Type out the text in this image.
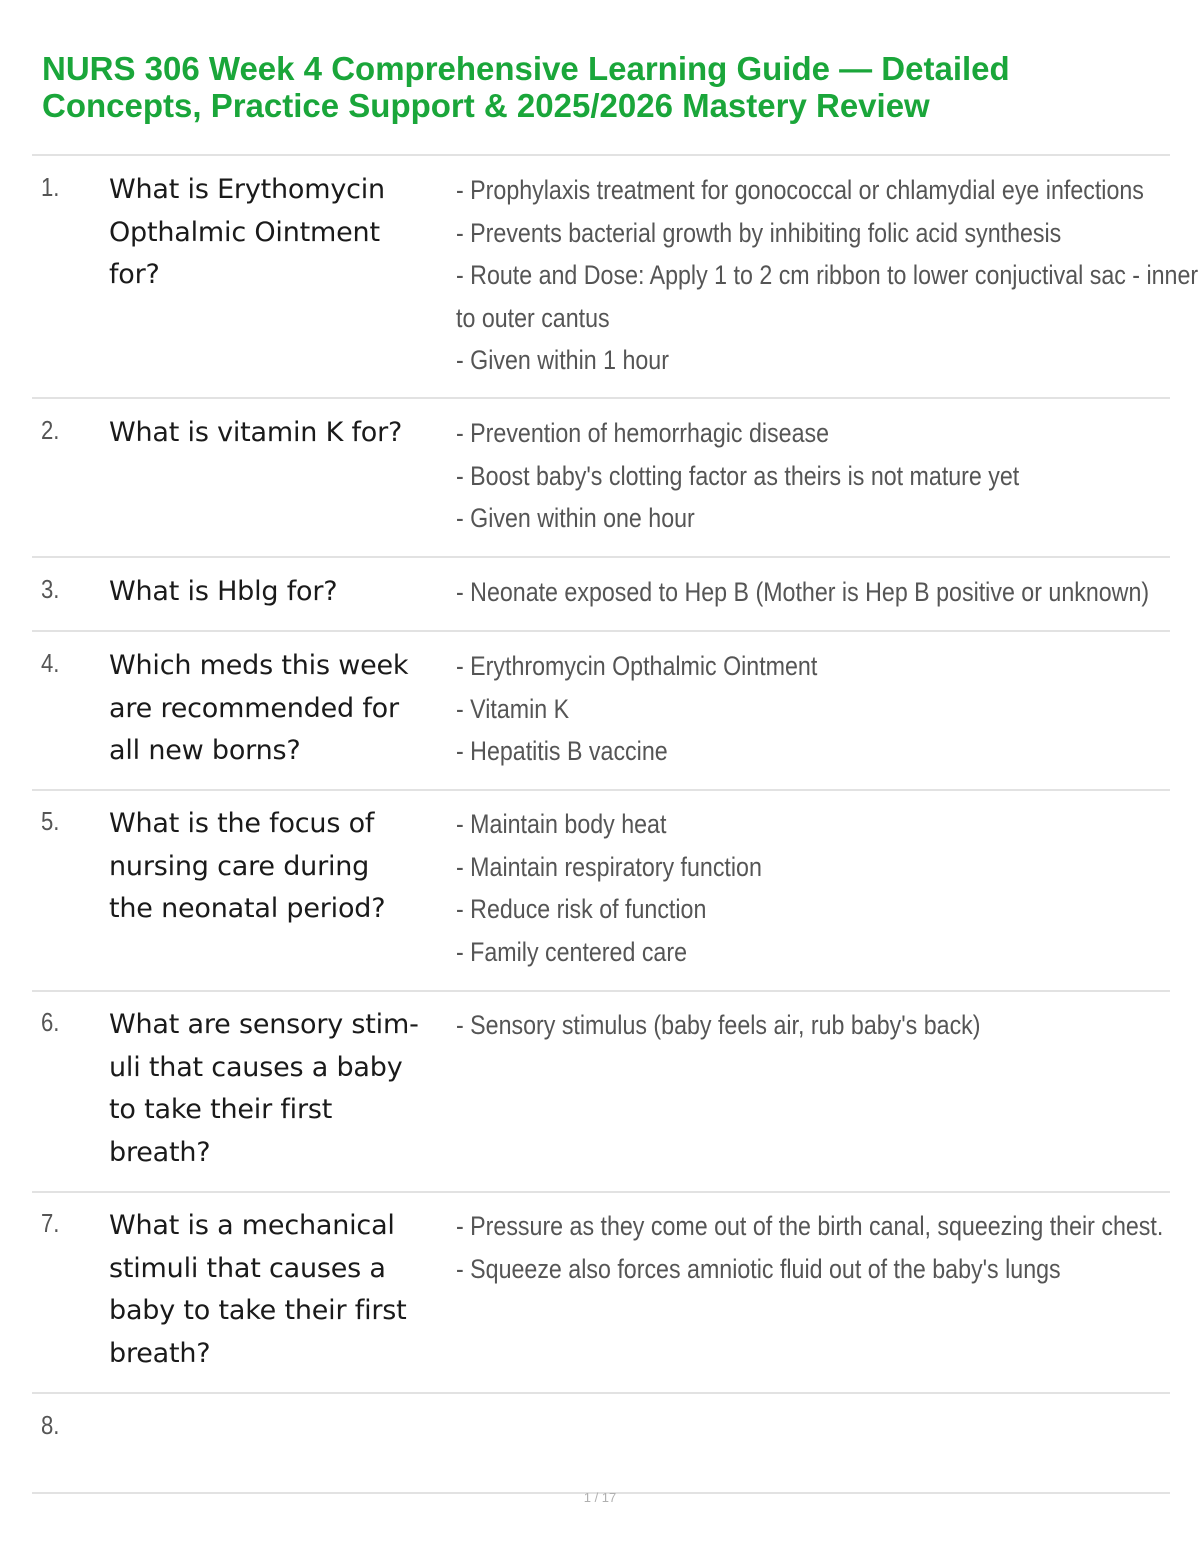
NURS 306 Week 4 Comprehensive Learning Guide — Detailed Concepts, Practice Support & 2025/2026 Mastery Review
1. What is Erythomycin
Opthalmic Ointment
for?
- Prophylaxis treatment for gonococcal or chlamydial eye infections
- Prevents bacterial growth by inhibiting folic acid synthesis
- Route and Dose: Apply 1 to 2 cm ribbon to lower conjuctival sac - inner
to outer cantus
- Given within 1 hour
2. What is vitamin K for?	- Prevention of hemorrhagic disease
- Boost baby's clotting factor as theirs is not mature yet
- Given within one hour
3. What is Hblg for?	- Neonate exposed to Hep B (Mother is Hep B positive or unknown)
4. Which meds this week
are recommended for
all new borns?
- Erythromycin Opthalmic Ointment
- Vitamin K
- Hepatitis B vaccine
5. What is the focus of
nursing care during
the neonatal period?
- Maintain body heat
- Maintain respiratory function
- Reduce risk of function
- Family centered care
6. What are sensory stim-
uli that causes a baby
to take their first
breath?
- Sensory stimulus (baby feels air, rub baby's back)
7. What is a mechanical
stimuli that causes a
baby to take their first
breath?
- Pressure as they come out of the birth canal, squeezing their chest.
- Squeeze also forces amniotic fluid out of the baby's lungs
8.
1 / 17
